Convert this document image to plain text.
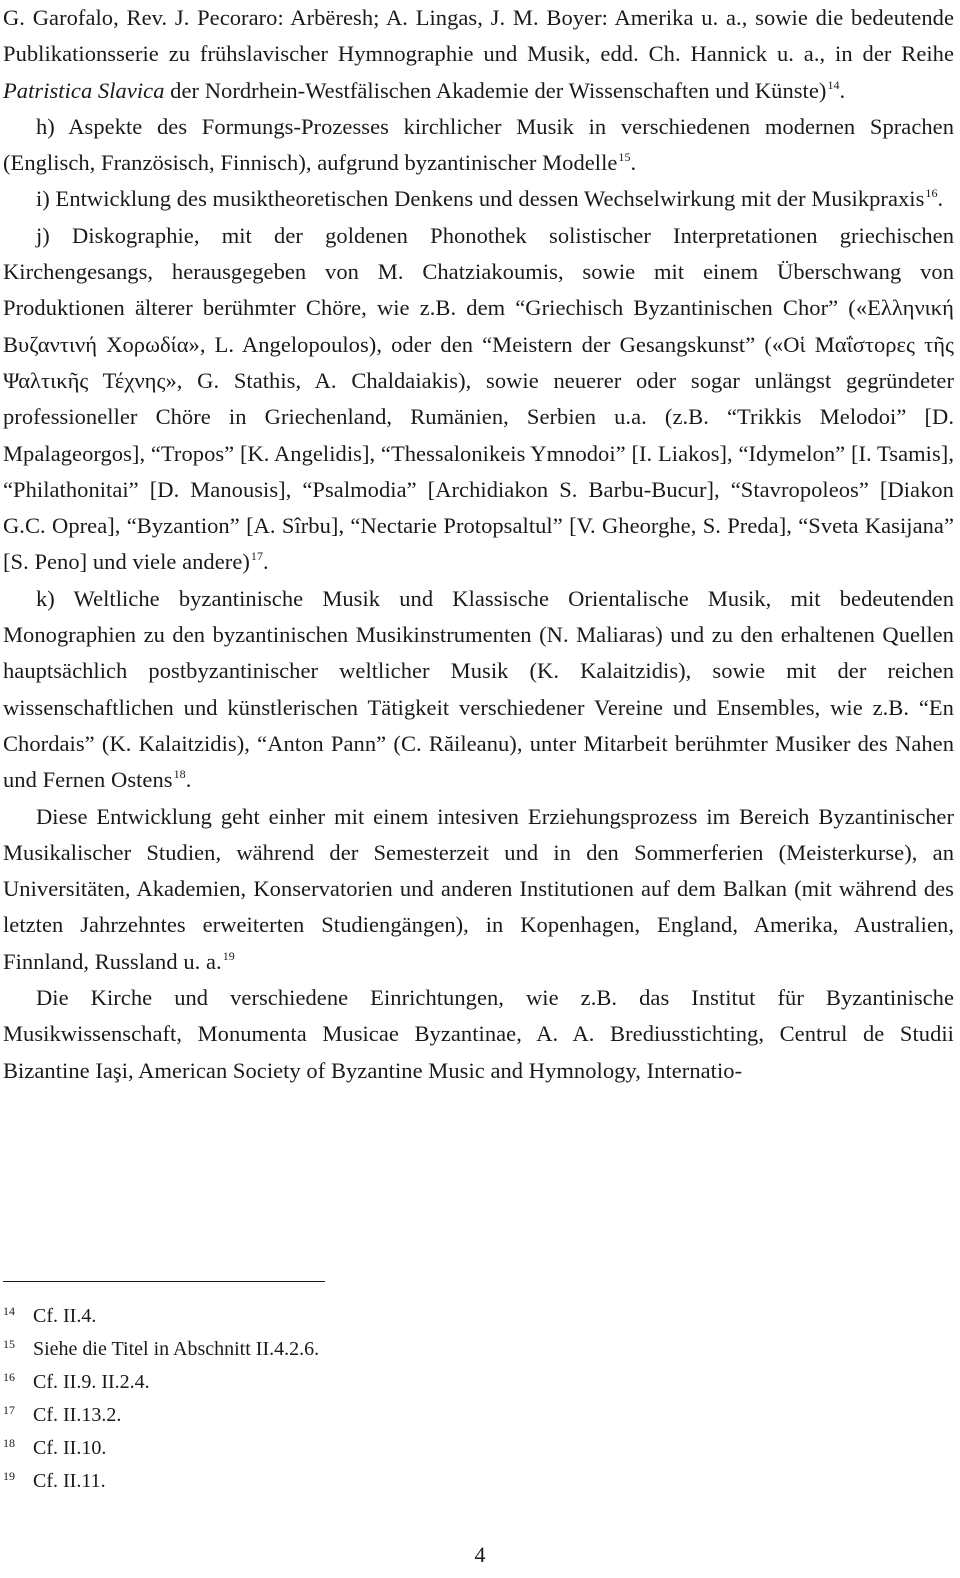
G. Garofalo, Rev. J. Pecoraro: Arbëresh; A. Lingas, J. M. Boyer: Amerika u. a., sowie die bedeutende Publikationsserie zu frühslavischer Hymnographie und Musik, edd. Ch. Hannick u. a., in der Reihe Patristica Slavica der Nordrhein-Westfälischen Akademie der Wissenschaften und Künste)$^{14}$.

h) Aspekte des Formungs-Prozesses kirchlicher Musik in verschiedenen modernen Sprachen (Englisch, Französisch, Finnisch), aufgrund byzantinischer Modelle$^{15}$.

i) Entwicklung des musiktheoretischen Denkens und dessen Wechselwirkung mit der Musikpraxis$^{16}$.

j) Diskographie, mit der goldenen Phonothek solistischer Interpretationen griechischen Kirchengesangs, herausgegeben von M. Chatziakoumis, sowie mit einem Überschwang von Produktionen älterer berühmter Chöre, wie z.B. dem “Griechisch Byzantinischen Chor” («Ελληνική Βυζαντινή Χορωδία», L. Angelopoulos), oder den “Meistern der Gesangskunst” («Οἱ Μαΐστορες τῆς Ψαλτικῆς Τέχνης», G. Stathis, A. Chaldaiakis), sowie neuerer oder sogar unlängst gegründeter professioneller Chöre in Griechenland, Rumänien, Serbien u.a. (z.B. “Trikkis Melodoi” [D. Mpalageorgos], “Tropos” [K. Angelidis], “Thessalonikeis Ymnodoi” [I. Liakos], “Idymelon” [I. Tsamis], “Philathonitai” [D. Manousis], “Psalmodia” [Archidiakon S. Barbu-Bucur], “Stavropoleos” [Diakon G.C. Oprea], “Byzantion” [A. Sîrbu], “Nectarie Protopsaltul” [V. Gheorghe, S. Preda], “Sveta Kasijana” [S. Peno] und viele andere)$^{17}$.

k) Weltliche byzantinische Musik und Klassische Orientalische Musik, mit bedeutenden Monographien zu den byzantinischen Musikinstrumenten (N. Maliaras) und zu den erhaltenen Quellen hauptsächlich postbyzantinischer weltlicher Musik (K. Kalaitzidis), sowie mit der reichen wissenschaftlichen und künstlerischen Tätigkeit verschiedener Vereine und Ensembles, wie z.B. “En Chordais” (K. Kalaitzidis), “Anton Pann” (C. Răileanu), unter Mitarbeit berühmter Musiker des Nahen und Fernen Ostens$^{18}$.

Diese Entwicklung geht einher mit einem intesiven Erziehungsprozess im Bereich Byzantinischer Musikalischer Studien, während der Semesterzeit und in den Sommerferien (Meisterkurse), an Universitäten, Akademien, Konservatorien und anderen Institutionen auf dem Balkan (mit während des letzten Jahrzehntes erweiterten Studiengängen), in Kopenhagen, England, Amerika, Australien, Finnland, Russland u. a.$^{19}$

Die Kirche und verschiedene Einrichtungen, wie z.B. das Institut für Byzantinische Musikwissenschaft, Monumenta Musicae Byzantinae, A. A. Brediusstichting, Centrul de Studii Bizantine Iaşi, American Society of Byzantine Music and Hymnology, Internatio-

14 Cf. II.4.
15 Siehe die Titel in Abschnitt II.4.2.6.
16 Cf. II.9. II.2.4.
17 Cf. II.13.2.
18 Cf. II.10.
19 Cf. II.11.
4
